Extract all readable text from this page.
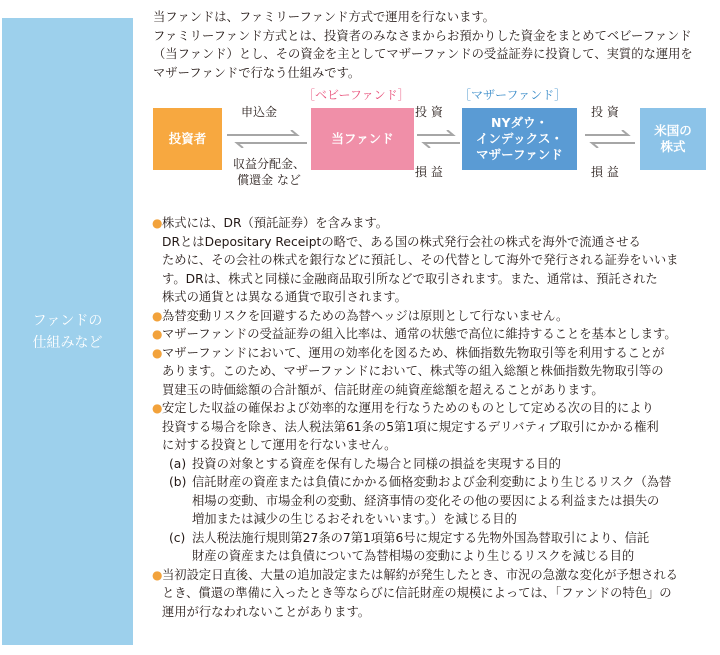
ファンドの
仕組みなど
当ファンドは、ファミリーファンド方式で運用を行ないます。
ファミリーファンド方式とは、投資者のみなさまからお預かりした資金をまとめてベビーファンド
（当ファンド）とし、その資金を主としてマザーファンドの受益証券に投資して、実質的な運用を
マザーファンドで行なう仕組みです。
［ベビーファンド］	［マザーファンド］
投資者	当ファンド
NYダウ・
インデックス・
マザーファンド
米国の
株式
申込金
収益分配金、
償還金 など
投 資
損 益
投 資
損 益
● 株式には、DR（預託証券）を含みます。
DRとはDepositary Receiptの略で、ある国の株式発行会社の株式を海外で流通させる
ために、その会社の株式を銀行などに預託し、その代替として海外で発行される証券をいいま
す。DRは、株式と同様に金融商品取引所などで取引されます。また、通常は、預託された
株式の通貨とは異なる通貨で取引されます。
● 為替変動リスクを回避するための為替ヘッジは原則として行ないません。
● マザーファンドの受益証券の組入比率は、通常の状態で高位に維持することを基本とします。
● マザーファンドにおいて、運用の効率化を図るため、株価指数先物取引等を利用することが
あります。このため、マザーファンドにおいて、株式等の組入総額と株価指数先物取引等の
買建玉の時価総額の合計額が、信託財産の純資産総額を超えることがあります。
● 安定した収益の確保および効率的な運用を行なうためのものとして定める次の目的により
投資する場合を除き、法人税法第61条の5第1項に規定するデリバティブ取引にかかる権利
に対する投資として運用を行ないません。
(a) 投資の対象とする資産を保有した場合と同様の損益を実現する目的
(b) 信託財産の資産または負債にかかる価格変動および金利変動により生じるリスク（為替
相場の変動、市場金利の変動、経済事情の変化その他の要因による利益または損失の
増加または減少の生じるおそれをいいます。）を減じる目的
(c) 法人税法施行規則第27条の7第1項第6号に規定する先物外国為替取引により、信託
財産の資産または負債について為替相場の変動により生じるリスクを減じる目的
● 当初設定日直後、大量の追加設定または解約が発生したとき、市況の急激な変化が予想される
とき、償還の準備に入ったとき等ならびに信託財産の規模によっては、「ファンドの特色」の
運用が行なわれないことがあります。
